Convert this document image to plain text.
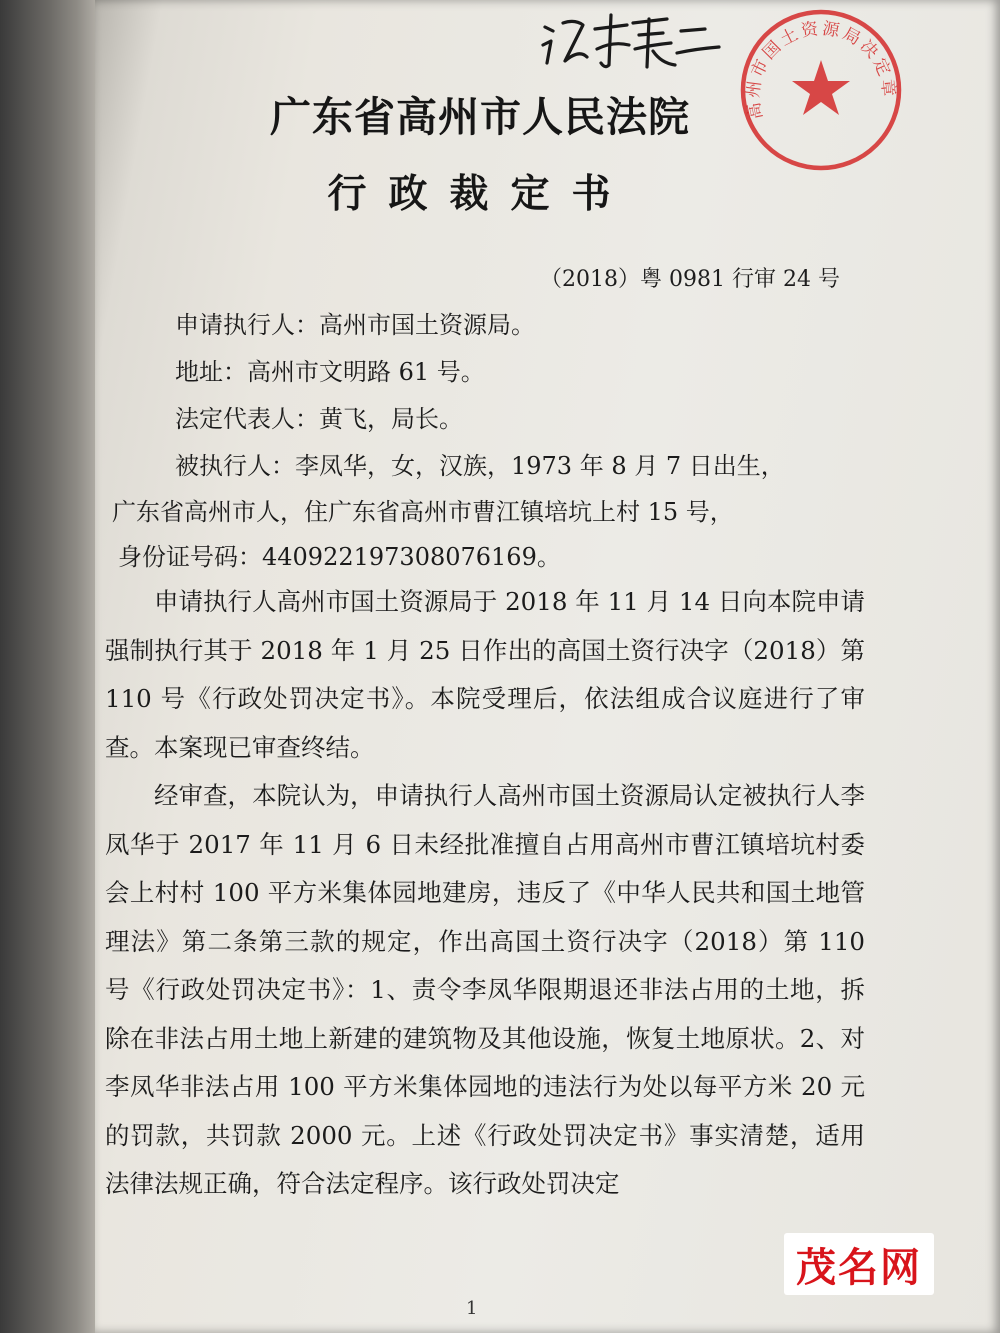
高州市国土资源局决定章
广东省高州市人民法院
行政裁定书
（2018）粤 0981 行审 24 号
申请执行人：高州市国土资源局。
地址：高州市文明路 61 号。
法定代表人：黄飞，局长。
被执行人：李凤华，女，汉族，1973 年 8 月 7 日出生，
广东省高州市人，住广东省高州市曹江镇培坑上村 15 号，
身份证号码：440922197308076169。

申请执行人高州市国土资源局于 2018 年 11 月 14 日向本院申请强制执行其于 2018 年 1 月 25 日作出的高国土资行决字（2018）第 110 号《行政处罚决定书》。本院受理后，依法组成合议庭进行了审查。本案现已审查终结。

经审查，本院认为，申请执行人高州市国土资源局认定被执行人李凤华于 2017 年 11 月 6 日未经批准擅自占用高州市曹江镇培坑村委会上村村 100 平方米集体园地建房，违反了《中华人民共和国土地管理法》第二条第三款的规定，作出高国土资行决字（2018）第 110 号《行政处罚决定书》：1、责令李凤华限期退还非法占用的土地，拆除在非法占用土地上新建的建筑物及其他设施，恢复土地原状。2、对李凤华非法占用 100 平方米集体园地的违法行为处以每平方米 20 元的罚款，共罚款 2000 元。上述《行政处罚决定书》事实清楚，适用法律法规正确，符合法定程序。该行政处罚决定

1
茂名网
